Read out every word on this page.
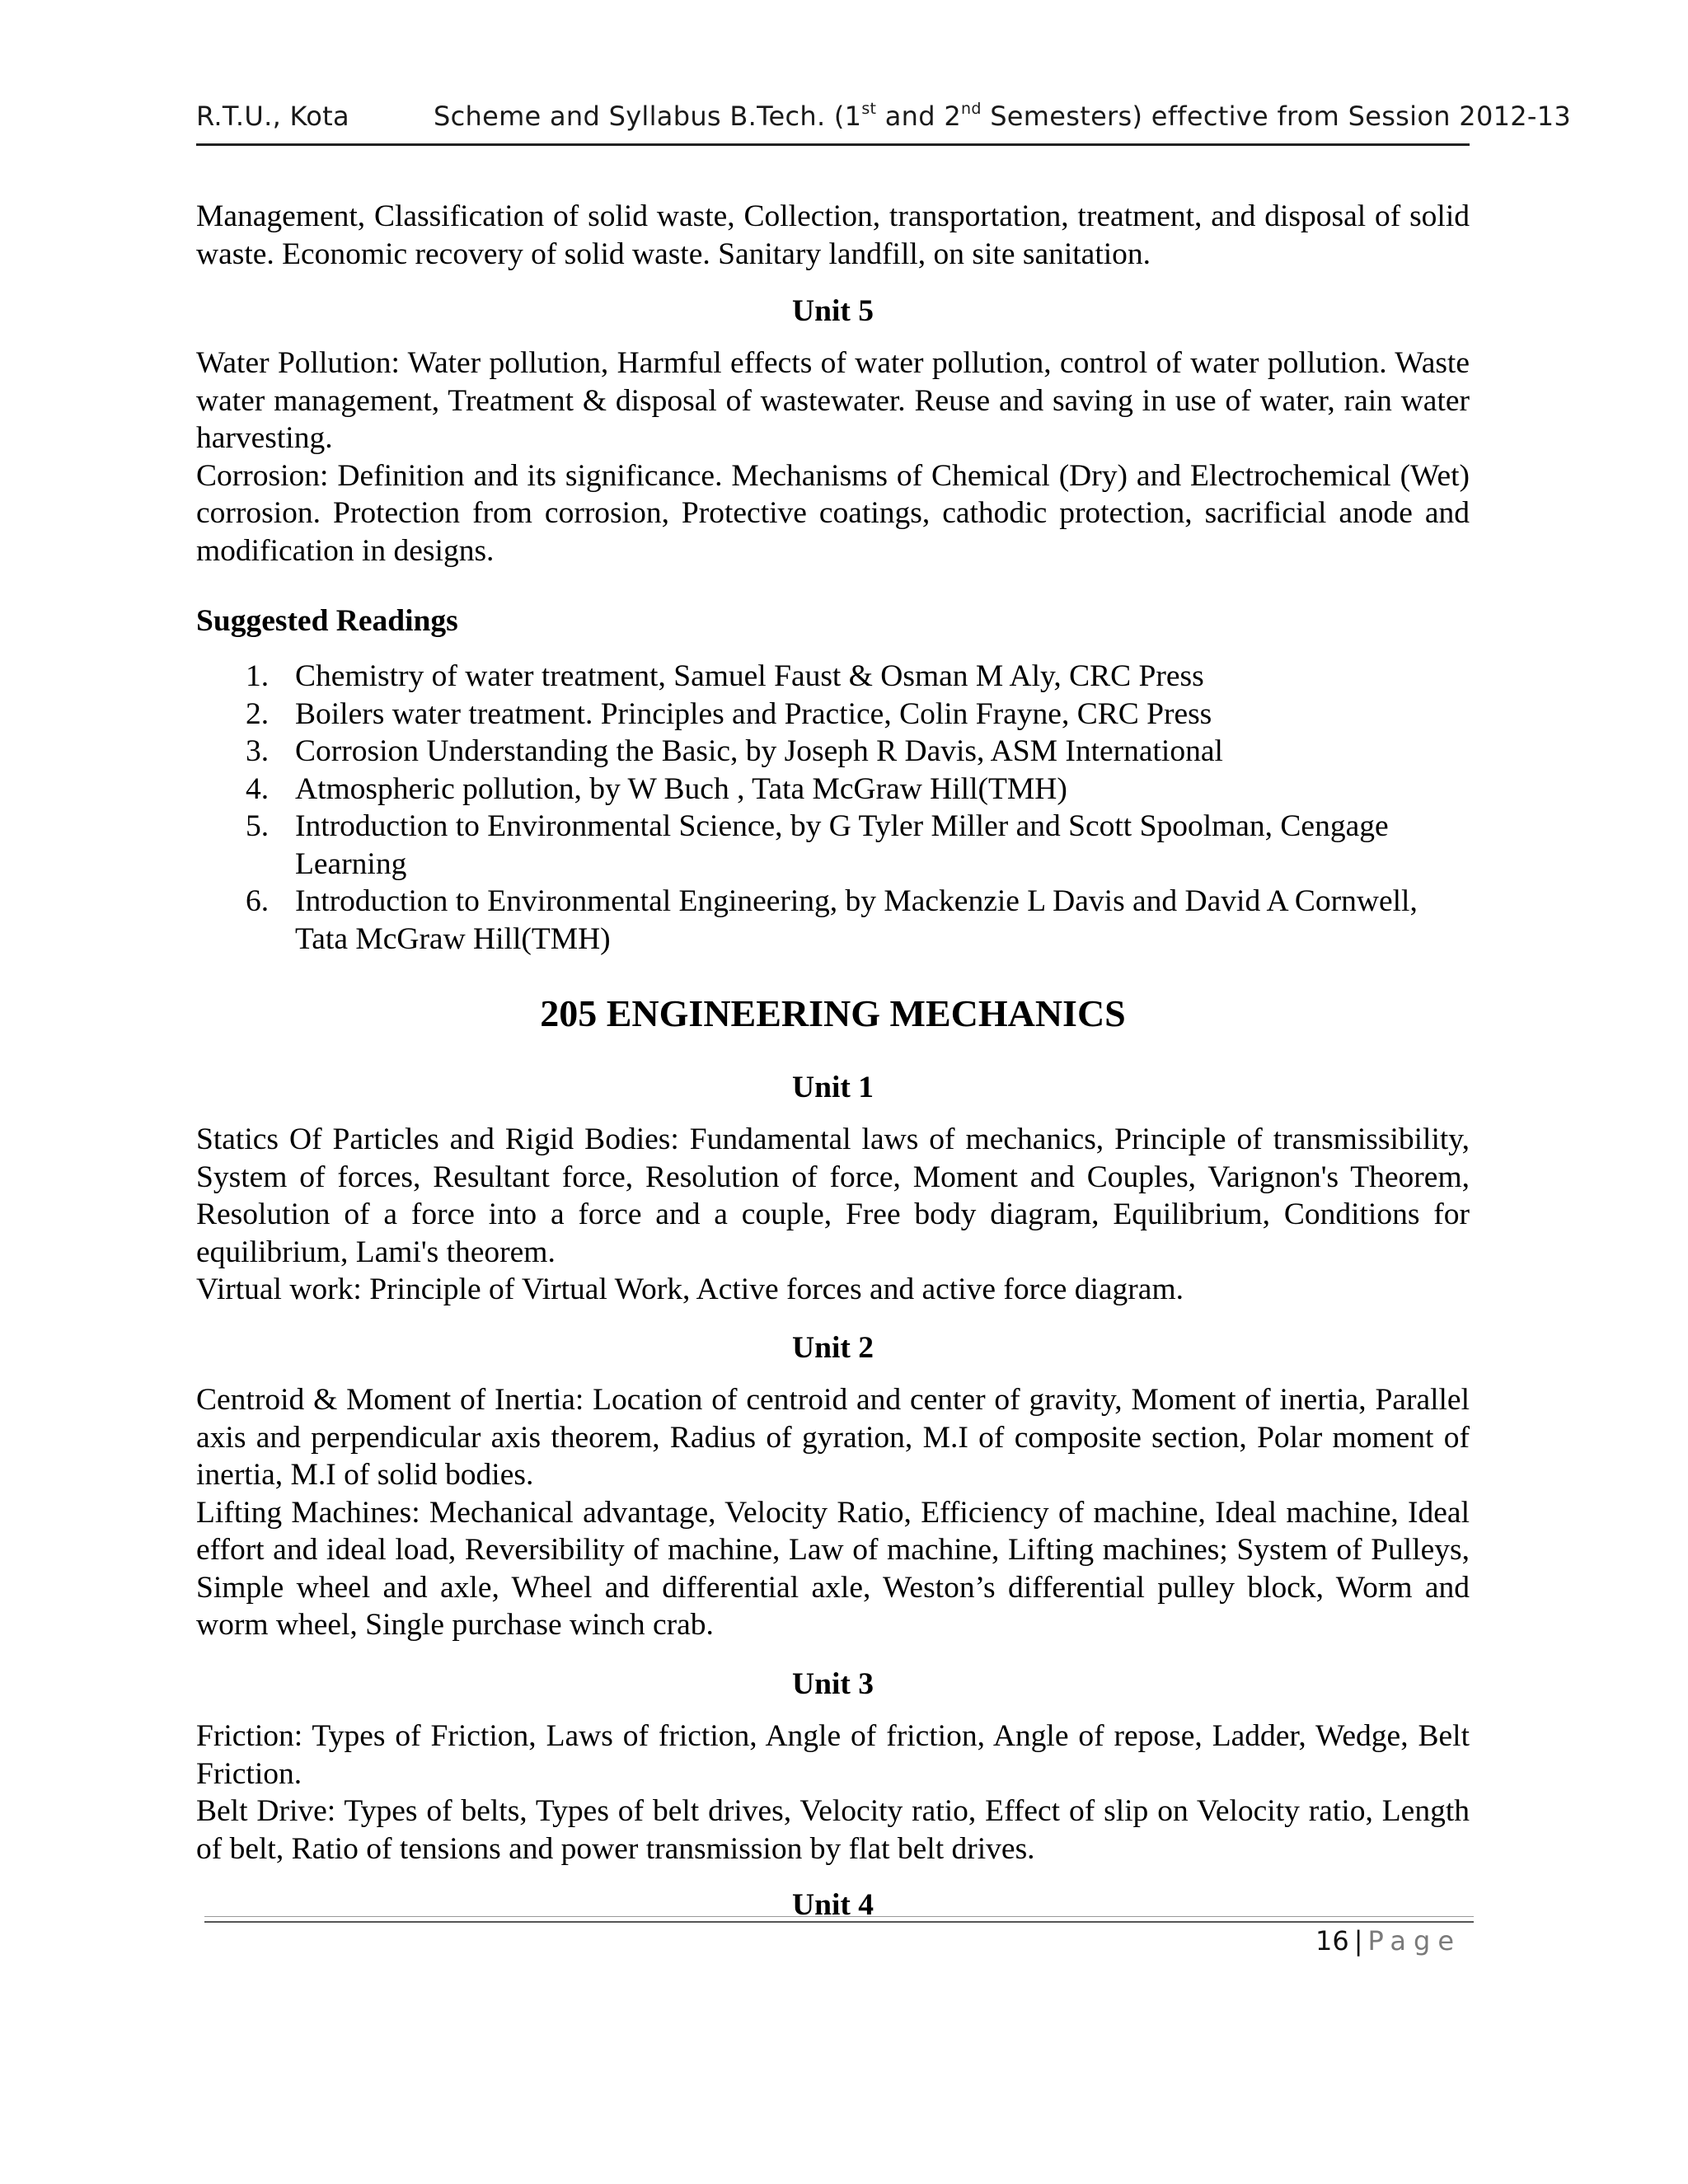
R.T.U., Kota	Scheme and Syllabus B.Tech. (1st and 2nd Semesters) effective from Session 2012-13

Management, Classification of solid waste, Collection, transportation, treatment, and disposal of solid waste. Economic recovery of solid waste. Sanitary landfill, on site sanitation.

Unit 5

Water Pollution: Water pollution, Harmful effects of water pollution, control of water pollution. Waste water management, Treatment & disposal of wastewater. Reuse and saving in use of water, rain water harvesting.

Corrosion: Definition and its significance. Mechanisms of Chemical (Dry) and Electrochemical (Wet) corrosion. Protection from corrosion, Protective coatings, cathodic protection, sacrificial anode and modification in designs.

Suggested Readings
1. Chemistry of water treatment, Samuel Faust & Osman M Aly, CRC Press
2. Boilers water treatment. Principles and Practice, Colin Frayne, CRC Press
3. Corrosion Understanding the Basic, by Joseph R Davis, ASM International
4. Atmospheric pollution, by W Buch , Tata McGraw Hill(TMH)
5. Introduction to Environmental Science, by G Tyler Miller and Scott Spoolman, Cengage Learning
6. Introduction to Environmental Engineering, by Mackenzie L Davis and David A Cornwell, Tata McGraw Hill(TMH)
205 ENGINEERING MECHANICS
Unit 1

Statics Of Particles and Rigid Bodies: Fundamental laws of mechanics, Principle of transmissibility, System of forces, Resultant force, Resolution of force, Moment and Couples, Varignon's Theorem, Resolution of a force into a force and a couple, Free body diagram, Equilibrium, Conditions for equilibrium, Lami's theorem.

Virtual work: Principle of Virtual Work, Active forces and active force diagram.

Unit 2

Centroid & Moment of Inertia: Location of centroid and center of gravity, Moment of inertia, Parallel axis and perpendicular axis theorem, Radius of gyration, M.I of composite section, Polar moment of inertia, M.I of solid bodies.

Lifting Machines: Mechanical advantage, Velocity Ratio, Efficiency of machine, Ideal machine, Ideal effort and ideal load, Reversibility of machine, Law of machine, Lifting machines; System of Pulleys, Simple wheel and axle, Wheel and differential axle, Weston’s differential pulley block, Worm and worm wheel, Single purchase winch crab.

Unit 3

Friction: Types of Friction, Laws of friction, Angle of friction, Angle of repose, Ladder, Wedge, Belt Friction.

Belt Drive: Types of belts, Types of belt drives, Velocity ratio, Effect of slip on Velocity ratio, Length of belt, Ratio of tensions and power transmission by flat belt drives.

Unit 4
16 | Page
